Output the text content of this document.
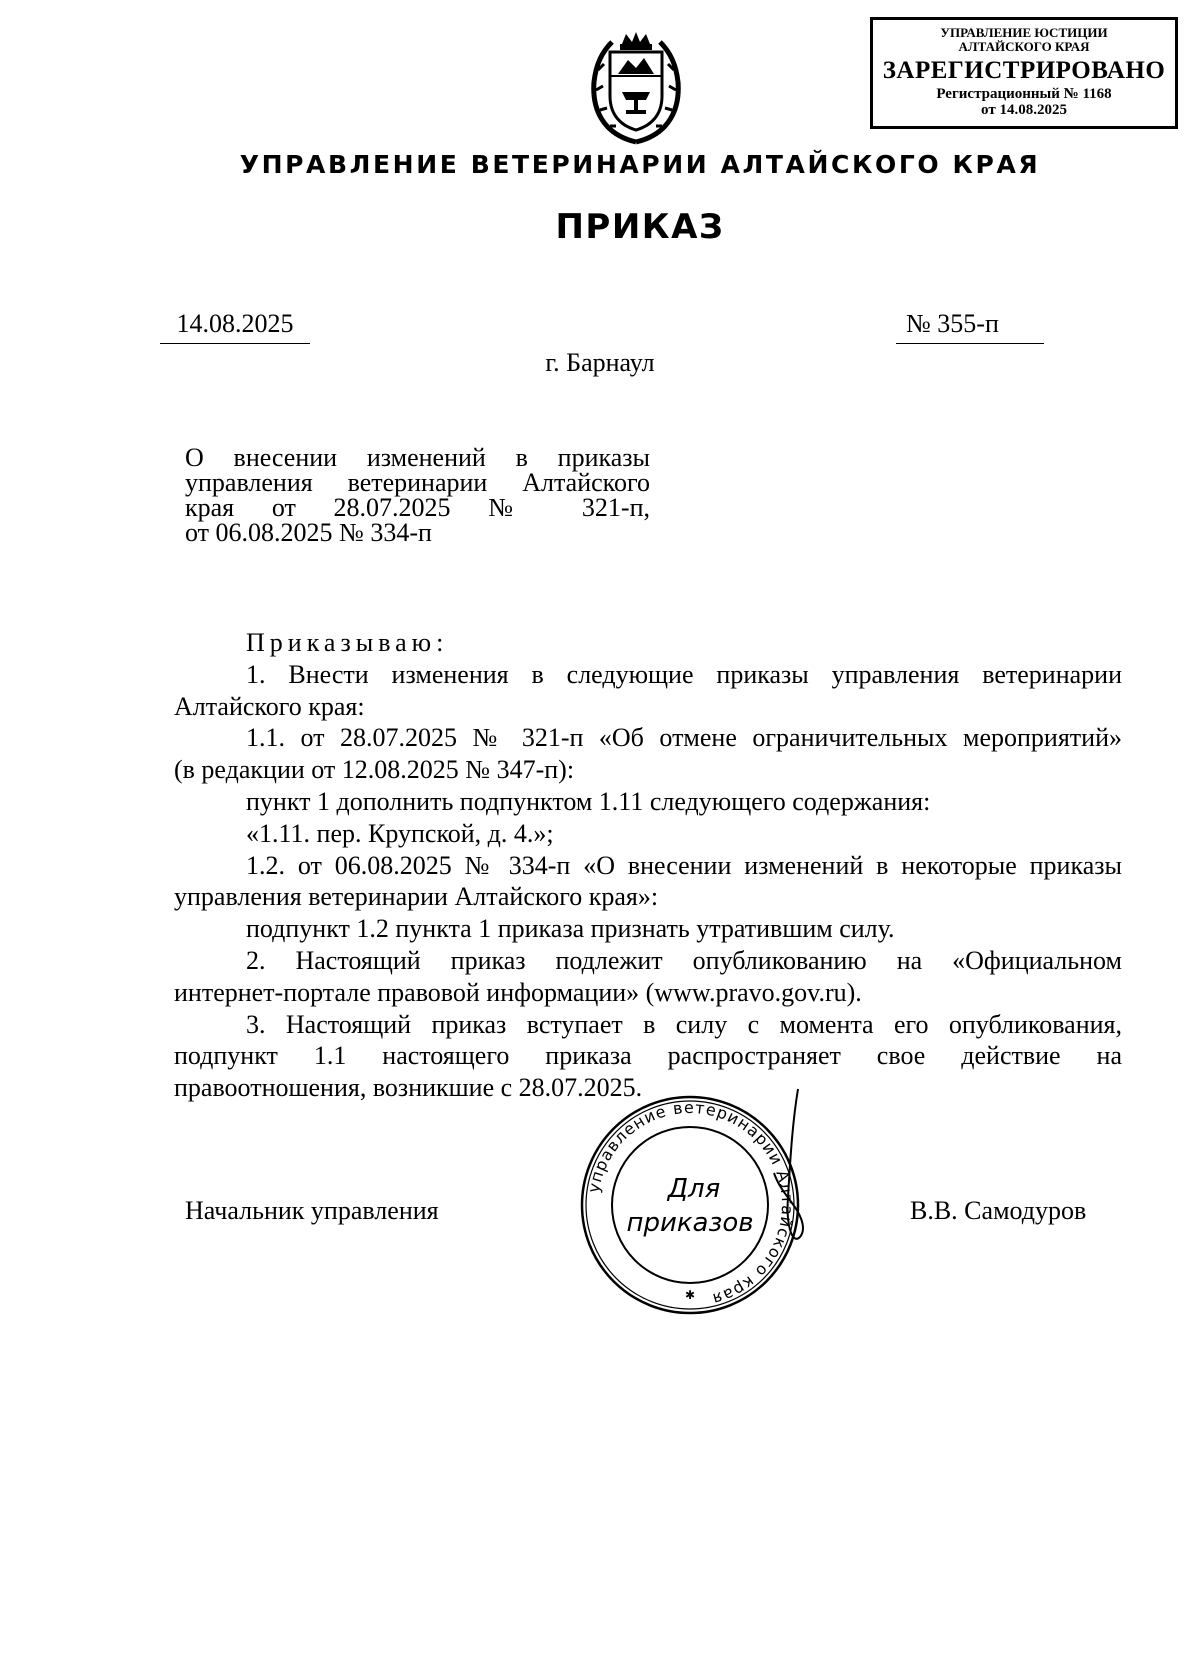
УПРАВЛЕНИЕ ЮСТИЦИИ
АЛТАЙСКОГО КРАЯ
ЗАРЕГИСТРИРОВАНО
Регистрационный № 1168
от 14.08.2025
УПРАВЛЕНИЕ ВЕТЕРИНАРИИ АЛТАЙСКОГО КРАЯ
ПРИКАЗ
14.08.2025	№ 355-п
г. Барнаул
О внесении изменений в приказы
управления ветеринарии Алтайского
края от 28.07.2025 № 321-п,
от 06.08.2025 № 334-п
Приказываю:
1. Внести изменения в следующие приказы управления ветеринарии
Алтайского края:
1.1. от 28.07.2025 № 321-п «Об отмене ограничительных мероприятий»
(в редакции от 12.08.2025 № 347-п):
пункт 1 дополнить подпунктом 1.11 следующего содержания:
«1.11. пер. Крупской, д. 4.»;
1.2. от 06.08.2025 № 334-п «О внесении изменений в некоторые приказы
управления ветеринарии Алтайского края»:
подпункт 1.2 пункта 1 приказа признать утратившим силу.
2. Настоящий приказ подлежит опубликованию на «Официальном
интернет-портале правовой информации» (www.pravo.gov.ru).
3. Настоящий приказ вступает в силу с момента его опубликования,
подпункт 1.1 настоящего приказа распространяет свое действие на
правоотношения, возникшие с 28.07.2025.
Начальник управления	В.В. Самодуров
управление ветеринарии Алтайского края
Для
приказов
✱
